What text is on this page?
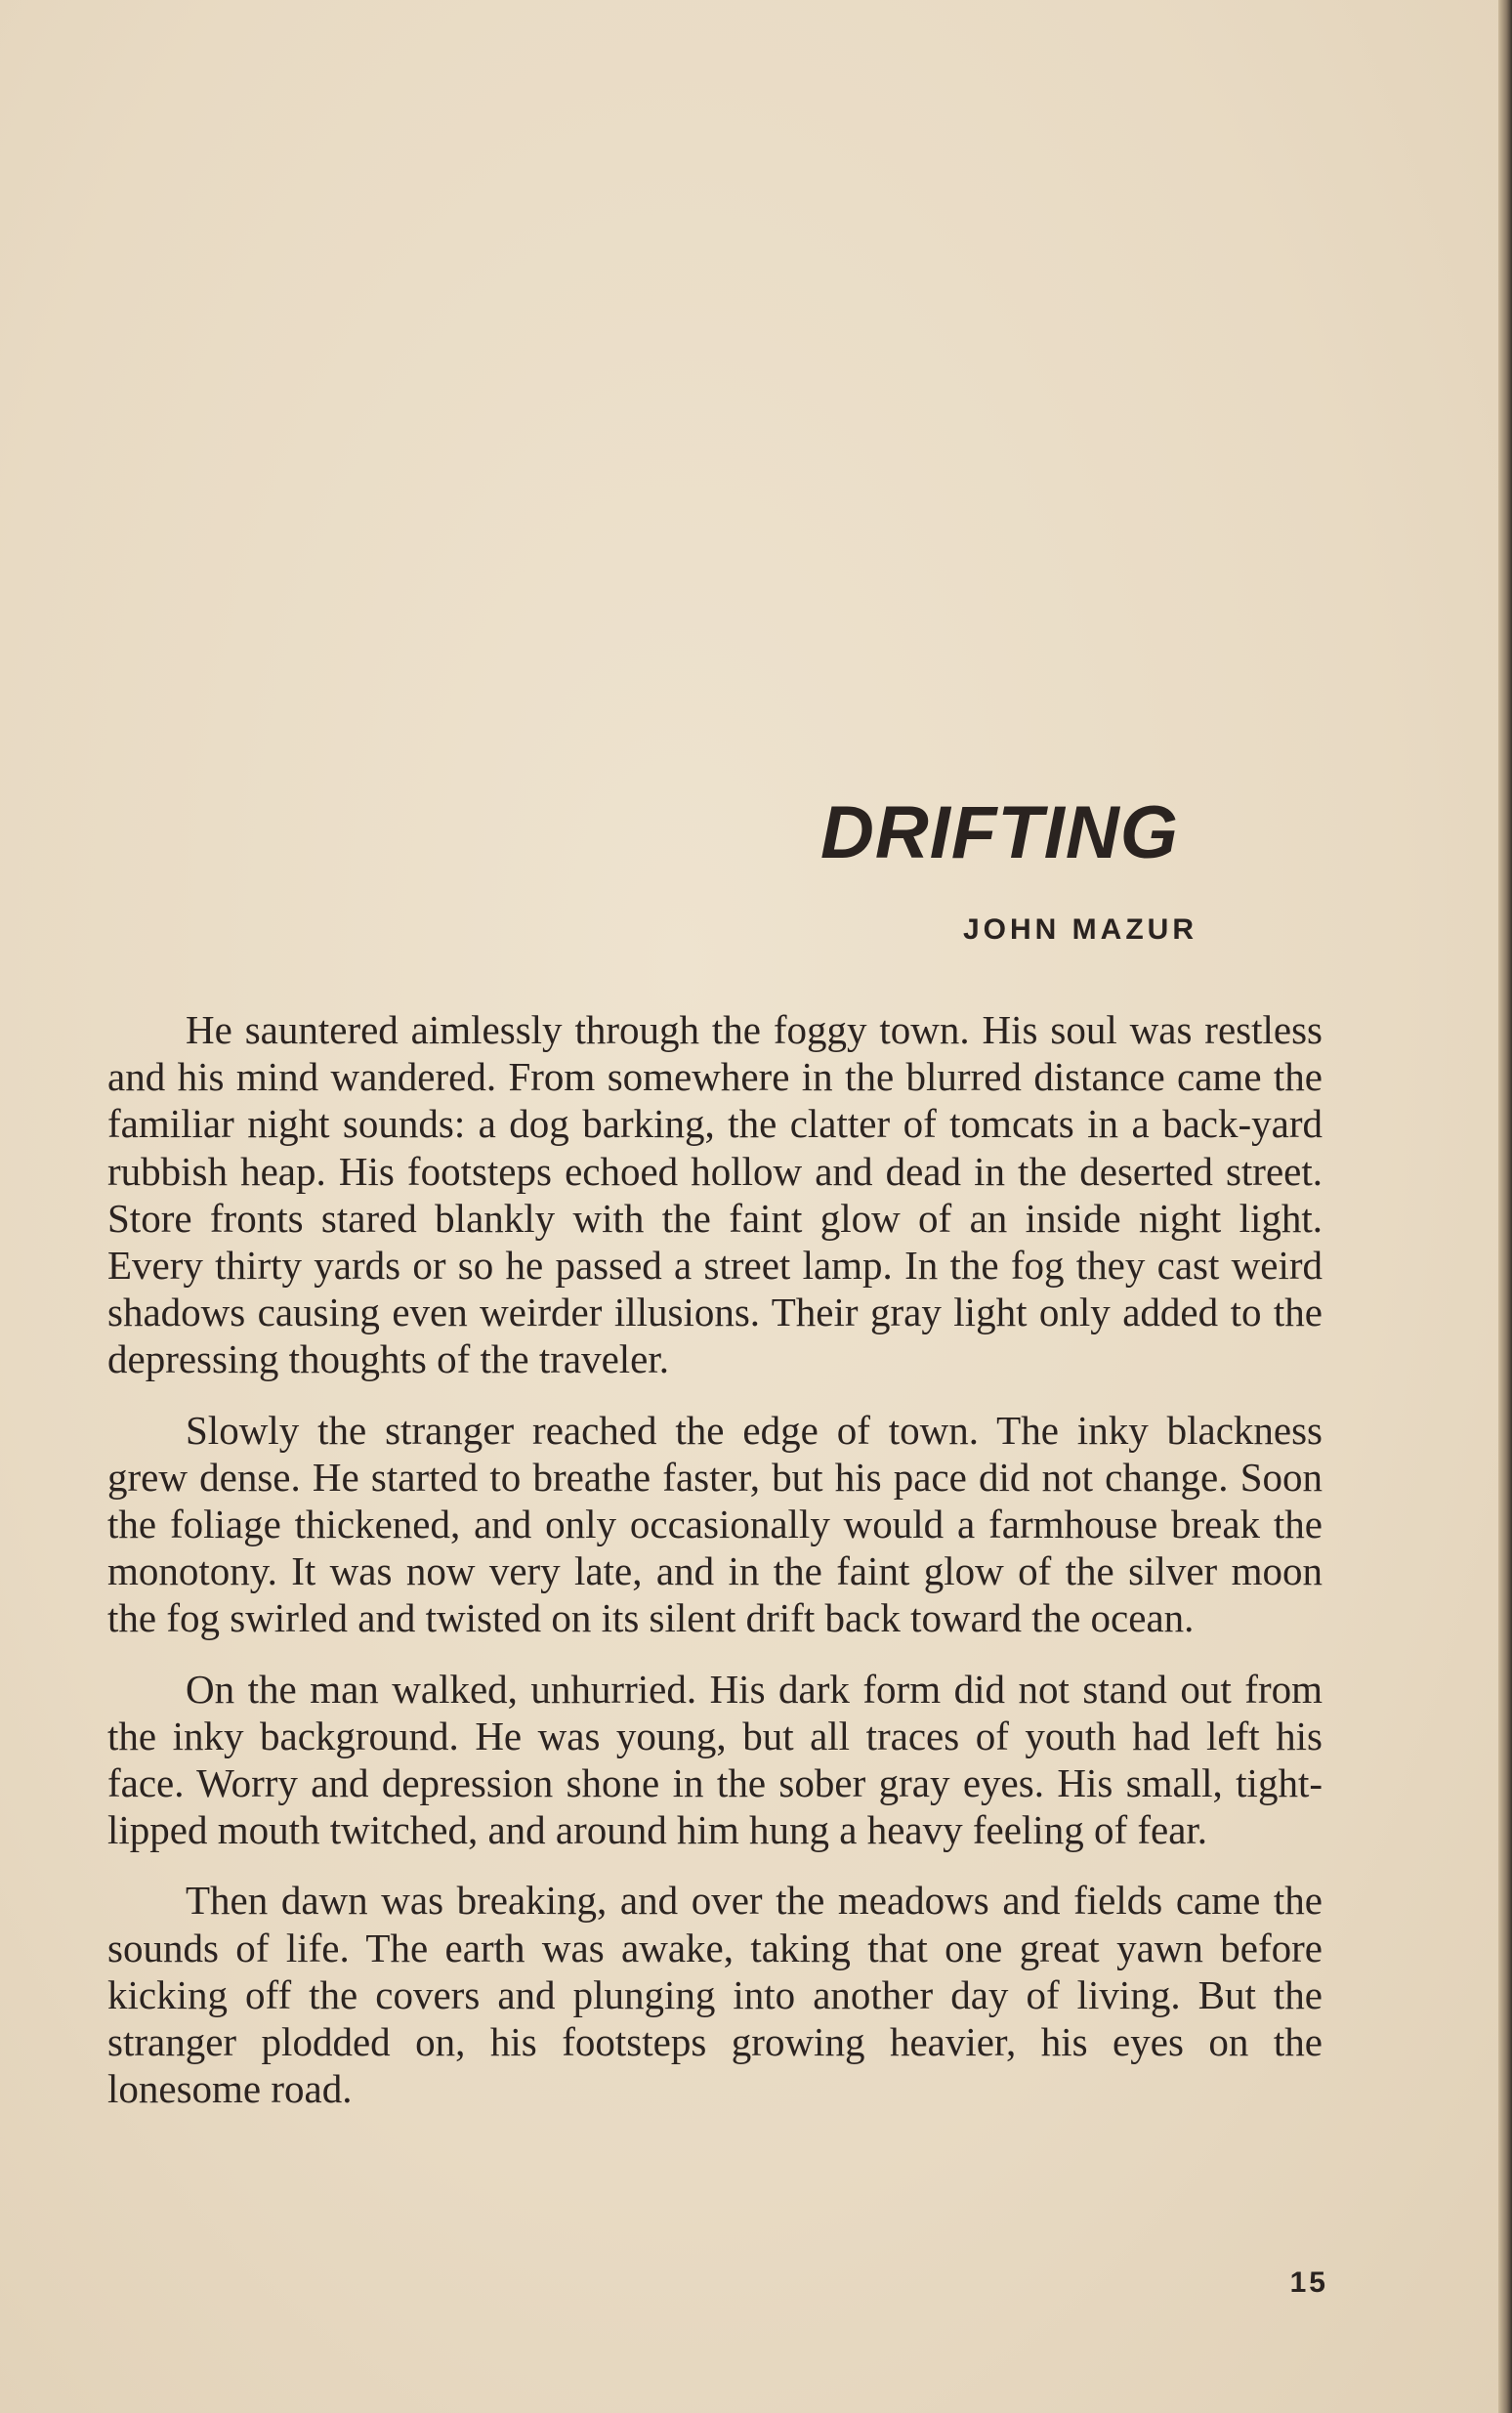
DRIFTING
JOHN MAZUR

He sauntered aimlessly through the foggy town. His soul was restless and his mind wandered. From somewhere in the blurred distance came the familiar night sounds: a dog barking, the clatter of tomcats in a back-yard rubbish heap. His footsteps echoed hollow and dead in the deserted street. Store fronts stared blankly with the faint glow of an inside night light. Every thirty yards or so he passed a street lamp. In the fog they cast weird shadows causing even weirder illusions. Their gray light only added to the depressing thoughts of the traveler.

Slowly the stranger reached the edge of town. The inky blackness grew dense. He started to breathe faster, but his pace did not change. Soon the foliage thickened, and only occasionally would a farmhouse break the monotony. It was now very late, and in the faint glow of the silver moon the fog swirled and twisted on its silent drift back toward the ocean.

On the man walked, unhurried. His dark form did not stand out from the inky background. He was young, but all traces of youth had left his face. Worry and depression shone in the sober gray eyes. His small, tight-lipped mouth twitched, and around him hung a heavy feeling of fear.

Then dawn was breaking, and over the meadows and fields came the sounds of life. The earth was awake, taking that one great yawn before kicking off the covers and plunging into another day of living. But the stranger plodded on, his footsteps growing heavier, his eyes on the lonesome road.

15
